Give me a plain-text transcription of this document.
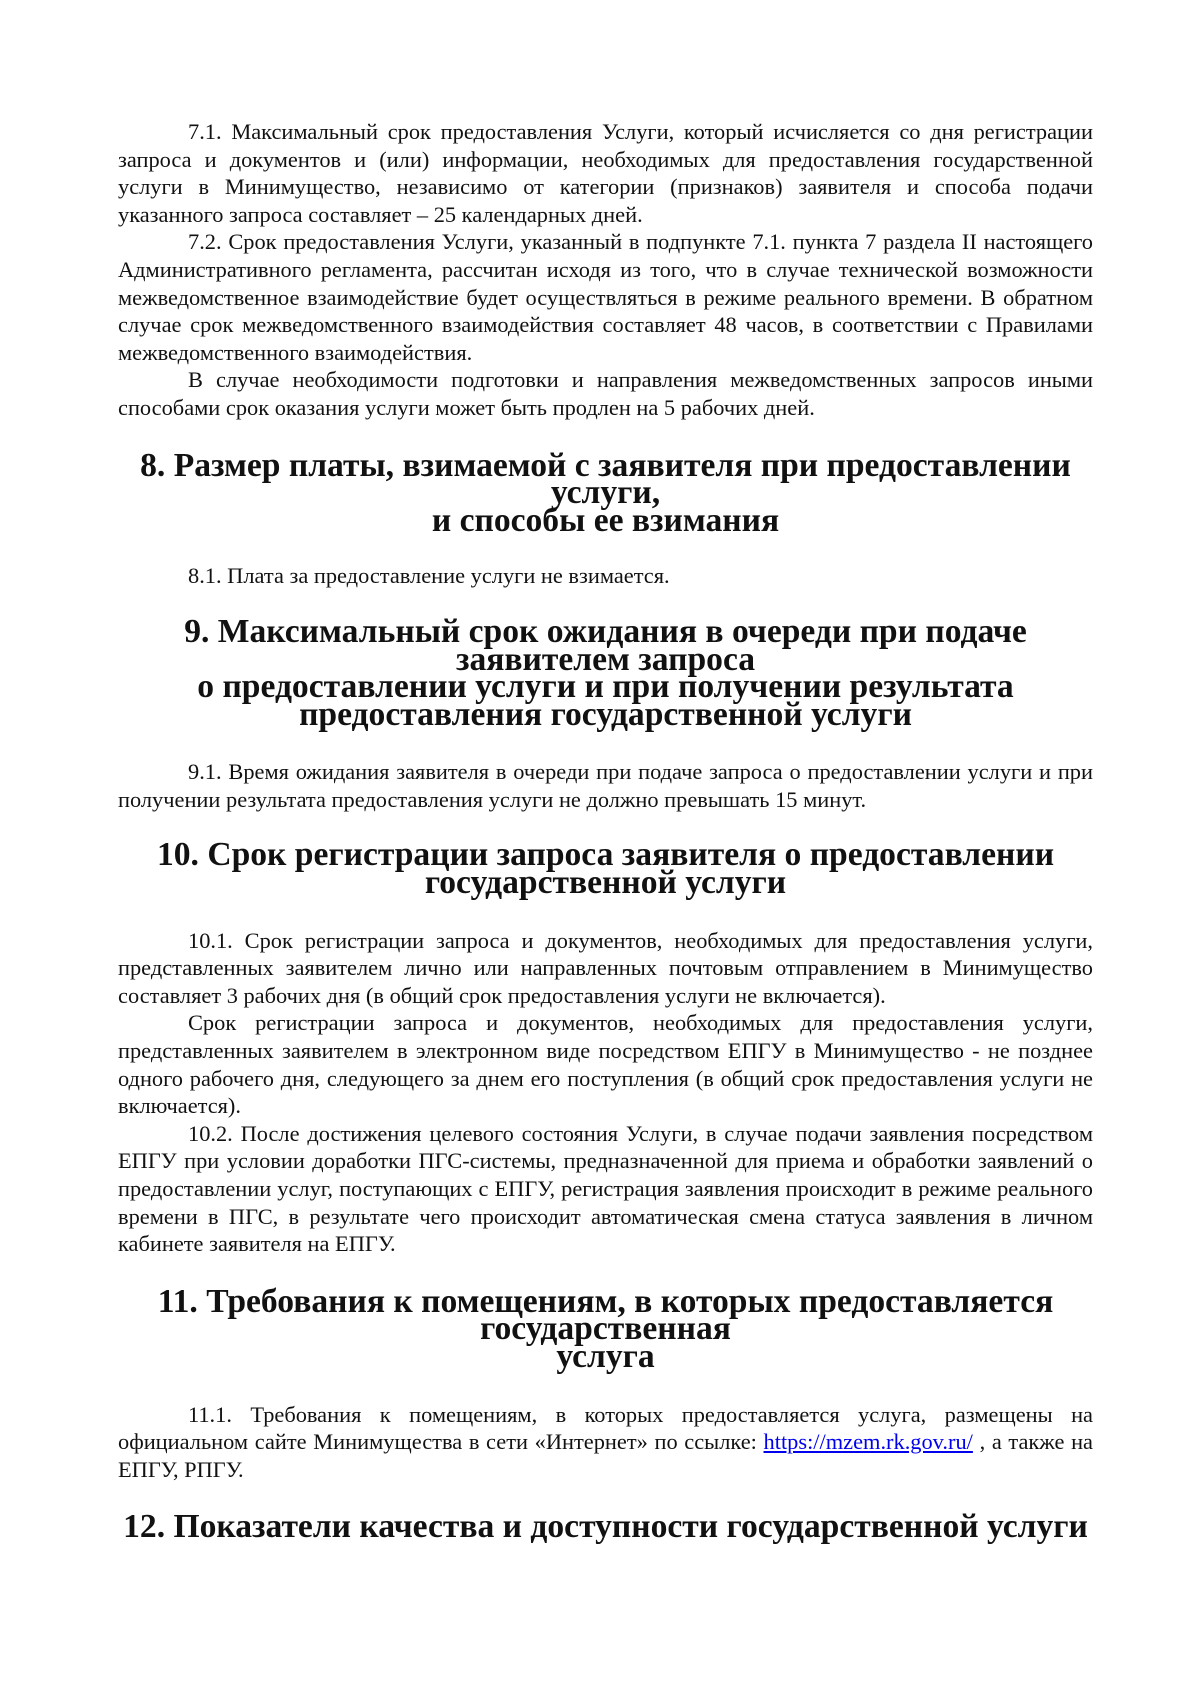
7.1. Максимальный срок предоставления Услуги, который исчисляется со дня регистрации запроса и документов и (или) информации, необходимых для предоставления государственной услуги в Минимущество, независимо от категории (признаков) заявителя и способа подачи указанного запроса составляет – 25 календарных дней.

7.2. Срок предоставления Услуги, указанный в подпункте 7.1. пункта 7 раздела II настоящего Административного регламента, рассчитан исходя из того, что в случае технической возможности межведомственное взаимодействие будет осуществляться в режиме реального времени. В обратном случае срок межведомственного взаимодействия составляет 48 часов, в соответствии с Правилами межведомственного взаимодействия.

В случае необходимости подготовки и направления межведомственных запросов иными способами срок оказания услуги может быть продлен на 5 рабочих дней.

8. Размер платы, взимаемой с заявителя при предоставлении услуги,
и способы ее взимания

8.1. Плата за предоставление услуги не взимается.

9. Максимальный срок ожидания в очереди при подаче заявителем запроса
о предоставлении услуги и при получении результата
предоставления государственной услуги

9.1. Время ожидания заявителя в очереди при подаче запроса о предоставлении услуги и при получении результата предоставления услуги не должно превышать 15 минут.

10. Срок регистрации запроса заявителя о предоставлении государственной услуги

10.1. Срок регистрации запроса и документов, необходимых для предоставления услуги, представленных заявителем лично или направленных почтовым отправлением в Минимущество составляет 3 рабочих дня (в общий срок предоставления услуги не включается).

Срок регистрации запроса и документов, необходимых для предоставления услуги, представленных заявителем в электронном виде посредством ЕПГУ в Минимущество - не позднее одного рабочего дня, следующего за днем его поступления (в общий срок предоставления услуги не включается).

10.2. После достижения целевого состояния Услуги, в случае подачи заявления посредством ЕПГУ при условии доработки ПГС-системы, предназначенной для приема и обработки заявлений о предоставлении услуг, поступающих с ЕПГУ, регистрация заявления происходит в режиме реального времени в ПГС, в результате чего происходит автоматическая смена статуса заявления в личном кабинете заявителя на ЕПГУ.

11. Требования к помещениям, в которых предоставляется государственная
услуга

11.1. Требования к помещениям, в которых предоставляется услуга, размещены на официальном сайте Минимущества в сети «Интернет» по ссылке: https://mzem.rk.gov.ru/ , а также на ЕПГУ, РПГУ.

12. Показатели качества и доступности государственной услуги
